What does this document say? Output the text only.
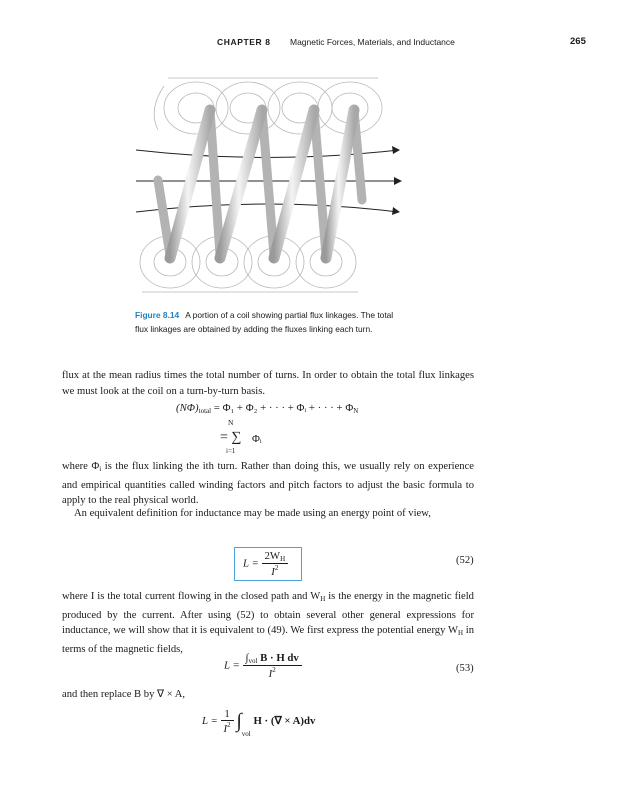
CHAPTER 8 Magnetic Forces, Materials, and Inductance	265
Figure 8.14 A portion of a coil showing partial flux linkages. The total flux linkages are obtained by adding the fluxes linking each turn.

flux at the mean radius times the total number of turns. In order to obtain the total flux linkages we must look at the coil on a turn-by-turn basis.

$(N\Phi)_{total} = \Phi_1 + \Phi_2$ + · · · + Φᵢ + · · · + $\Phi_N$
N
= ∑ Φᵢ
i=1

where $\Phi_i$ is the flux linking the ith turn. Rather than doing this, we usually rely on experience and empirical quantities called winding factors and pitch factors to adjust the basic formula to apply to the real physical world.

An equivalent definition for inductance may be made using an energy point of view,

$L = \frac{2W_H}{I^2}$	(52)

where I is the total current flowing in the closed path and $W_H$ is the energy in the magnetic field produced by the current. After using (52) to obtain several other general expressions for inductance, we will show that it is equivalent to (49). We first express the potential energy $W_H$ in terms of the magnetic fields,

$L = \frac{\int_{vol} B \cdot H dv}{I^2}$	(53)

and then replace B by ∇ × A,

$L = \frac{1}{I^2} \int_{vol}$ H · (∇ × A)dv
